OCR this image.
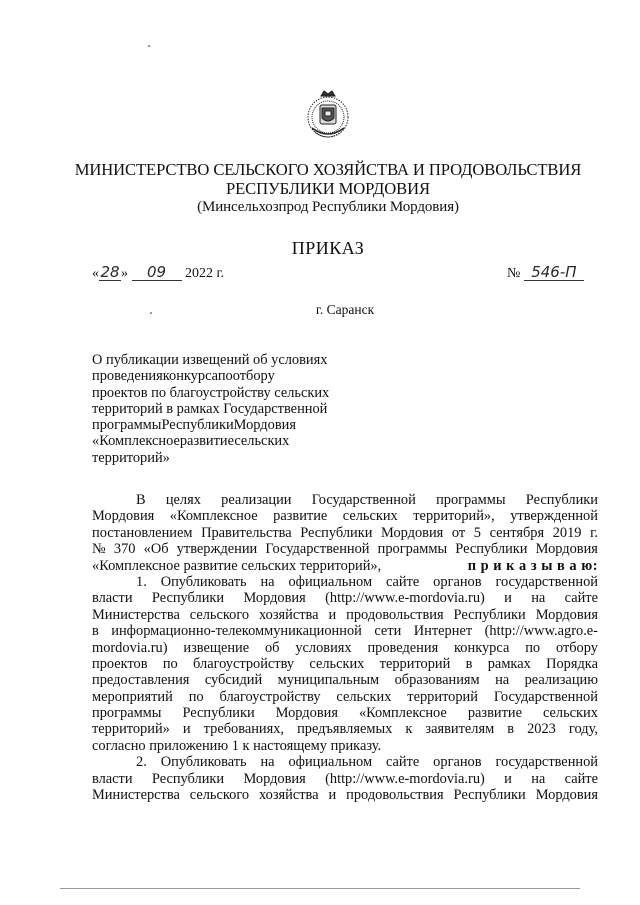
МИНИСТЕРСТВО СЕЛЬСКОГО ХОЗЯЙСТВА И ПРОДОВОЛЬСТВИЯ
РЕСПУБЛИКИ МОРДОВИЯ
(Минсельхозпрод Республики Мордовия)
ПРИКАЗ
«28» 09 2022 г.	№ 546-П
г. Саранск
О публикации извещений об условиях
проведенияконкурсапоотбору
проектов по благоустройству сельских
территорий в рамках Государственной
программыРеспубликиМордовия
«Комплексноеразвитиесельских
территорий»
В целях реализации Государственной программы Республики
Мордовия «Комплексное развитие сельских территорий», утвержденной
постановлением Правительства Республики Мордовия от 5 сентября 2019 г.
№ 370 «Об утверждении Государственной программы Республики Мордовия
«Комплексное развитие сельских территорий»,	п р и к а з ы в а ю:
1. Опубликовать на официальном сайте органов государственной
власти Республики Мордовия (http://www.e-mordovia.ru) и на сайте
Министерства сельского хозяйства и продовольствия Республики Мордовия
в информационно-телекоммуникационной сети Интернет (http://www.agro.e-
mordovia.ru) извещение об условиях проведения конкурса по отбору
проектов по благоустройству сельских территорий в рамках Порядка
предоставления субсидий муниципальным образованиям на реализацию
мероприятий по благоустройству сельских территорий Государственной
программы Республики Мордовия «Комплексное развитие сельских
территорий» и требованиях, предъявляемых к заявителям в 2023 году,
согласно приложению 1 к настоящему приказу.
2. Опубликовать на официальном сайте органов государственной
власти Республики Мордовия (http://www.e-mordovia.ru) и на сайте
Министерства сельского хозяйства и продовольствия Республики Мордовия
